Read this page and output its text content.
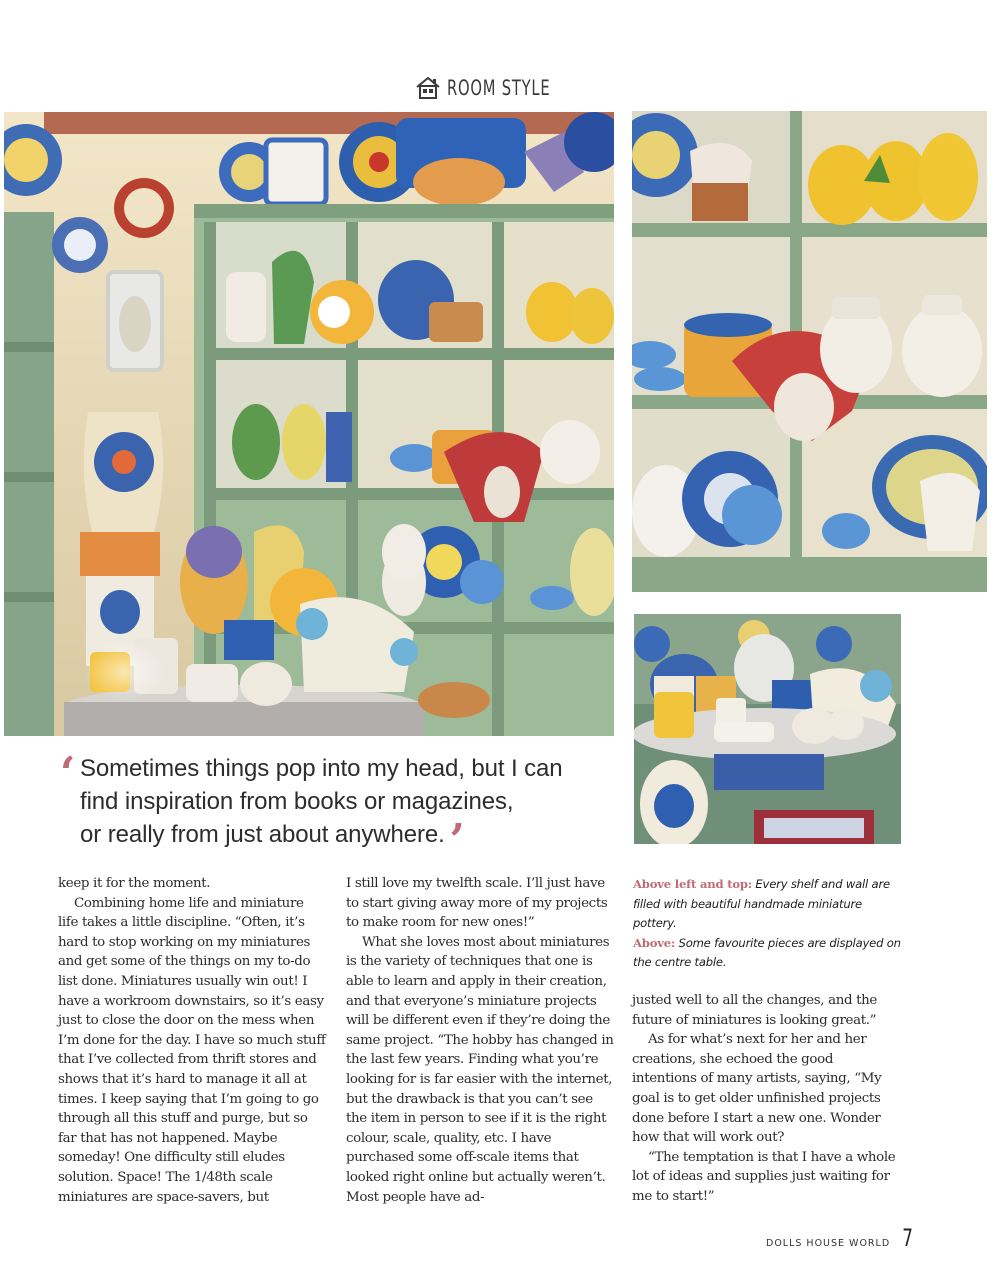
ROOM STYLE
‘ Sometimes things pop into my head, but I can
find inspiration from books or magazines,
or really from just about anywhere. ’

keep it for the moment.

Combining home life and miniature life takes a little discipline. “Often, it’s hard to stop working on my miniatures and get some of the things on my to-do list done. Miniatures usually win out! I have a workroom downstairs, so it’s easy just to close the door on the mess when I’m done for the day. I have so much stuff that I’ve collected from thrift stores and shows that it’s hard to manage it all at times. I keep saying that I’m going to go through all this stuff and purge, but so far that has not happened. Maybe someday! One difficulty still eludes solution. Space! The 1/48th scale miniatures are space-savers, but

I still love my twelfth scale. I’ll just have to start giving away more of my projects to make room for new ones!”

What she loves most about miniatures is the variety of techniques that one is able to learn and apply in their creation, and that everyone’s miniature projects will be different even if they’re doing the same project. “The hobby has changed in the last few years. Finding what you’re looking for is far easier with the internet, but the drawback is that you can’t see the item in person to see if it is the right colour, scale, quality, etc. I have purchased some off-scale items that looked right online but actually weren’t. Most people have ad-

Above left and top: Every shelf and wall are filled with beautiful handmade miniature pottery.
Above: Some favourite pieces are displayed on the centre table.

justed well to all the changes, and the future of miniatures is looking great.”

As for what’s next for her and her creations, she echoed the good intentions of many artists, saying, “My goal is to get older unfinished projects done before I start a new one. Wonder how that will work out?

“The temptation is that I have a whole lot of ideas and supplies just waiting for me to start!”

DOLLS HOUSE WORLD 7
